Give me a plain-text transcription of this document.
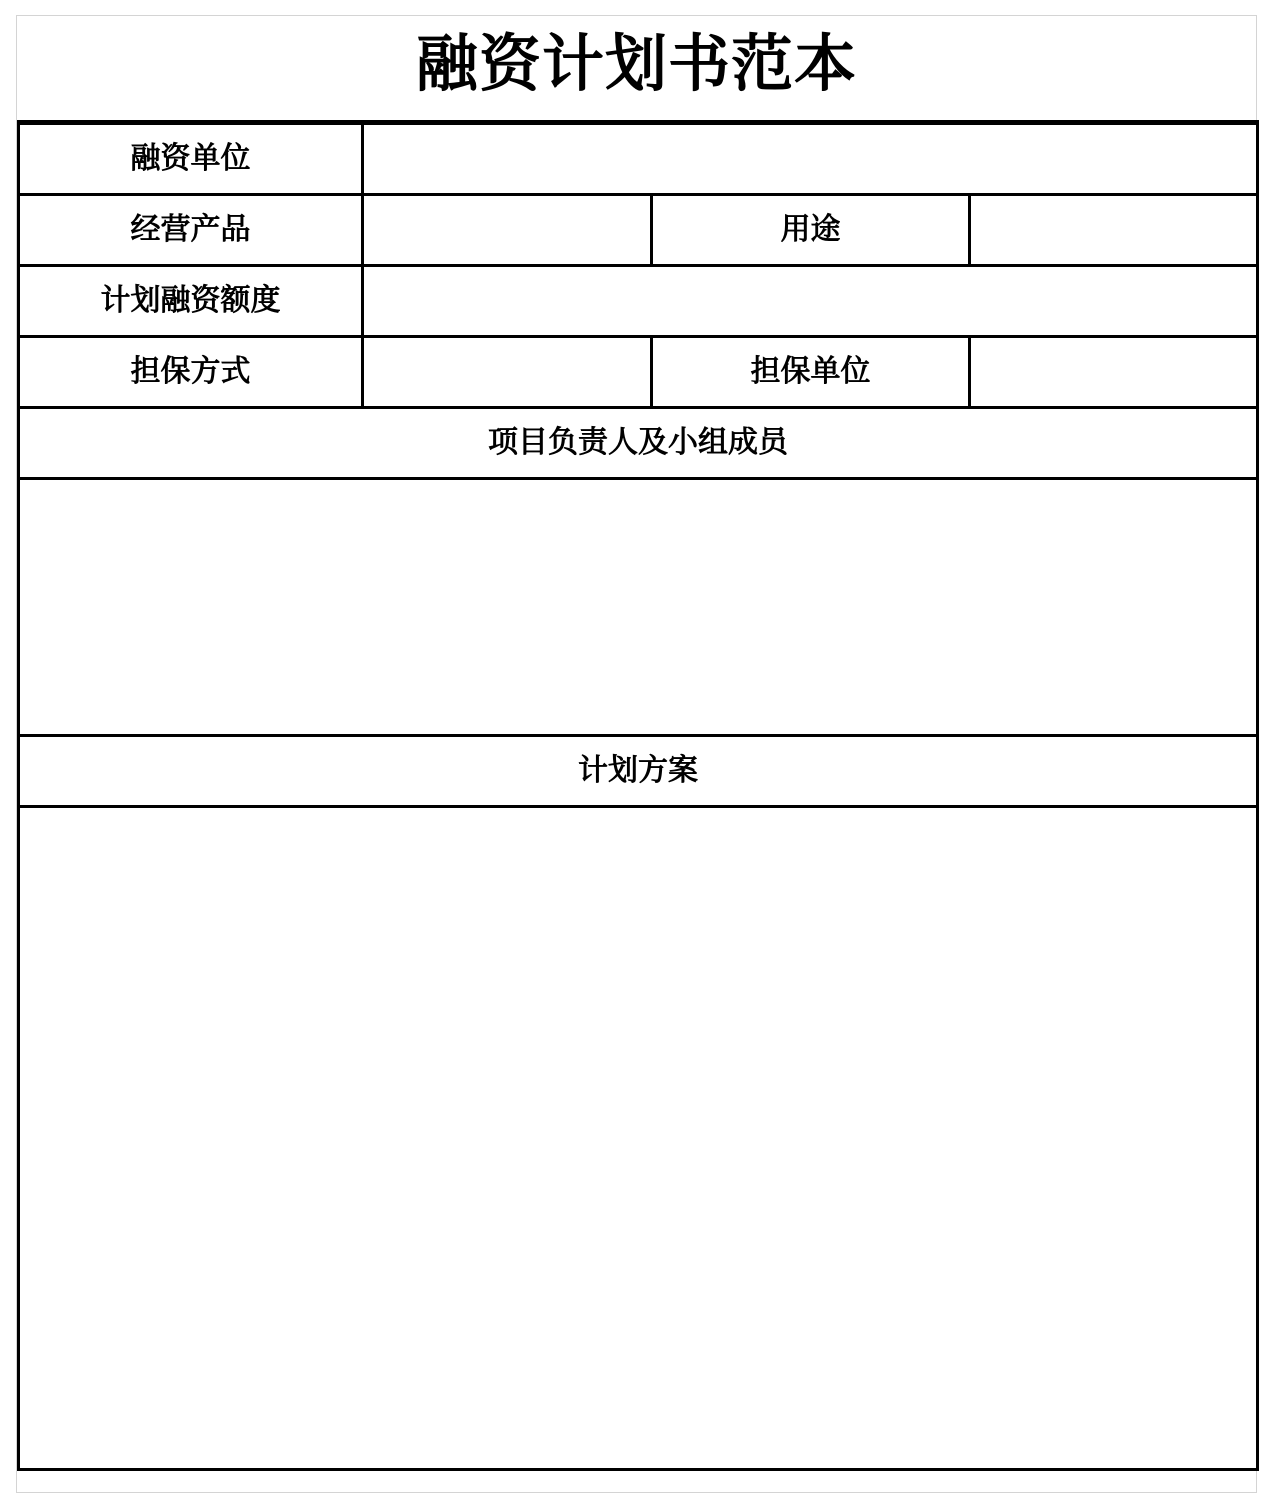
融资计划书范本
融资单位			
经营产品		用途	
计划融资额度			
担保方式		担保单位	
项目负责人及小组成员			

计划方案			
